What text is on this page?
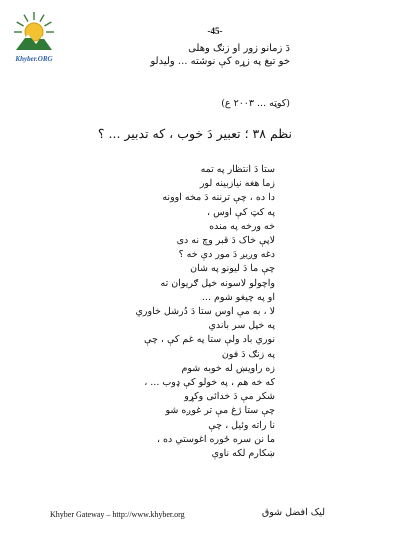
Khyber.ORG
-45-
دَ زمانو زور او زنګ وهلی
خو تیغ په زړه کې نوشته ... ولیدلو
(کوټه ... ۲۰۰۳ ع)
نظم ۳۸ ؛ تعبیر دَ خوب ، که تدبیر ... ؟
ستا دَ انتظار په تمه
زما هغه نیازبینه لور
دا ده ، چې ترننه دَ مخه اوونه
په کټ کې اوس ،
خه ورخه په منده
لاپې خاک دَ قبر وچ نه دی
دغه وږیږ دَ مور دې خه ؟
چې ما دَ لیونو په شان
واچولو لاسونه خپل ګریوان ته
او په چیغو شوم ...
لا ، به مې اوس ستا دَ دُرشل خاوري
په خپل سر باندي
نوري باد ولې ستا په غم کې ، چې
په زنګ دَ فون
زه راویښ له خوبه شوم
که خه هم ، په خولو کې ډوب ... ،
شکر مې دَ خدائی وکړو
چې ستا ژغ مې تر غوږه شو
نا راته وئیل ، چې
ما نن سره ځوره اغوستي ده ،
ښکارم لکه ناوې
Khyber Gateway – http://www.khyber.org	لیک افضل شوق
